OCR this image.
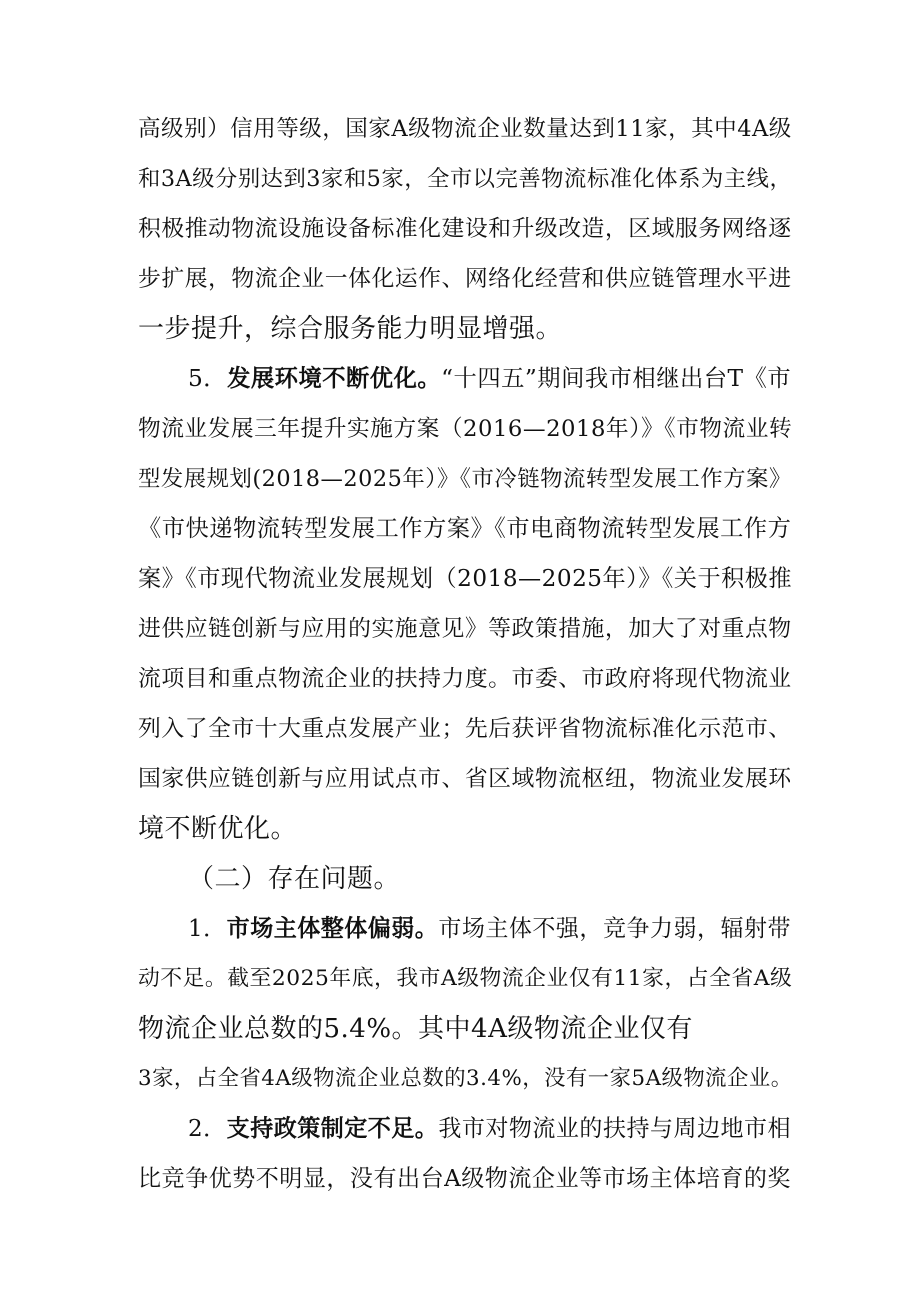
高级别）信用等级，国家A级物流企业数量达到11家，其中4A级
和3A级分别达到3家和5家，全市以完善物流标准化体系为主线，
积极推动物流设施设备标准化建设和升级改造，区域服务网络逐
步扩展，物流企业一体化运作、网络化经营和供应链管理水平进
一步提升，综合服务能力明显增强。
5．发展环境不断优化。“十四五”期间我市相继出台T《市
物流业发展三年提升实施方案（2016—2018年）》《市物流业转
型发展规划(2018—2025年）》《市冷链物流转型发展工作方案》
《市快递物流转型发展工作方案》《市电商物流转型发展工作方
案》《市现代物流业发展规划（2018—2025年）》《关于积极推
进供应链创新与应用的实施意见》等政策措施，加大了对重点物
流项目和重点物流企业的扶持力度。市委、市政府将现代物流业
列入了全市十大重点发展产业；先后获评省物流标准化示范市、
国家供应链创新与应用试点市、省区域物流枢纽，物流业发展环
境不断优化。
（二）存在问题。
1．市场主体整体偏弱。市场主体不强，竞争力弱，辐射带
动不足。截至2025年底，我市A级物流企业仅有11家，占全省A级
物流企业总数的5.4%。其中4A级物流企业仅有
3家，占全省4A级物流企业总数的3.4%，没有一家5A级物流企业。
2．支持政策制定不足。我市对物流业的扶持与周边地市相
比竞争优势不明显，没有出台A级物流企业等市场主体培育的奖
